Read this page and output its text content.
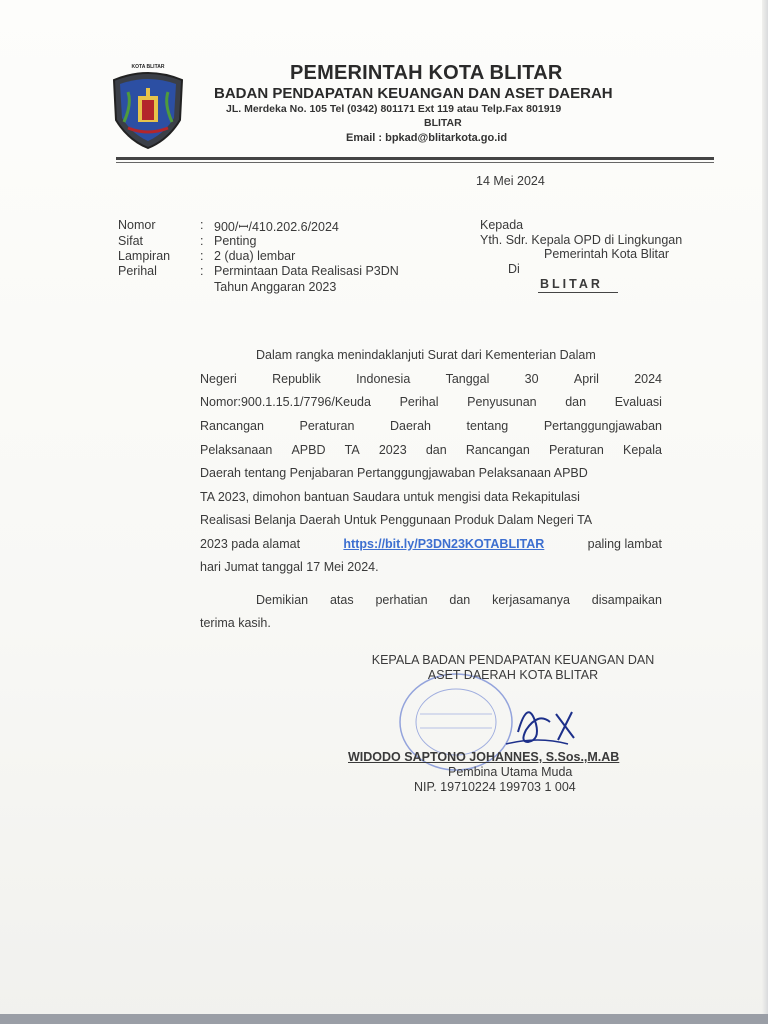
KOTA BLITAR	PEMERINTAH KOTA BLITAR
BADAN PENDAPATAN KEUANGAN DAN ASET DAERAH
JL. Merdeka No. 105 Tel (0342) 801171 Ext 119 atau Telp.Fax 801919
BLITAR
Email : bpkad@blitarkota.go.id
14 Mei 2024
Nomor	: 900/ꟷ/410.202.6/2024
Sifat	: Penting
Lampiran : 2 (dua) lembar
Perihal	: Permintaan Data Realisasi P3DN
Tahun Anggaran 2023
Kepada
Yth. Sdr. Kepala OPD di Lingkungan
Pemerintah Kota Blitar
Di
BLITAR
Dalam rangka menindaklanjuti Surat dari Kementerian Dalam
Negeri	Republik	Indonesia	Tanggal	30	April	2024
Nomor:900.1.15.1/7796/Keuda Perihal Penyusunan dan Evaluasi
Rancangan	Peraturan	Daerah	tentang	Pertanggungjawaban
Pelaksanaan APBD TA 2023 dan Rancangan Peraturan Kepala
Daerah tentang Penjabaran Pertanggungjawaban Pelaksanaan APBD
TA 2023, dimohon bantuan Saudara untuk mengisi data Rekapitulasi
Realisasi Belanja Daerah Untuk Penggunaan Produk Dalam Negeri TA
2023 pada alamat	https://bit.ly/P3DN23KOTABLITAR	paling lambat
hari Jumat tanggal 17 Mei 2024.
Demikian atas perhatian dan kerjasamanya disampaikan
terima kasih.
KEPALA BADAN PENDAPATAN KEUANGAN DAN
ASET DAERAH KOTA BLITAR
WIDODO SAPTONO JOHANNES, S.Sos.,M.AB
Pembina Utama Muda
NIP. 19710224 199703 1 004
